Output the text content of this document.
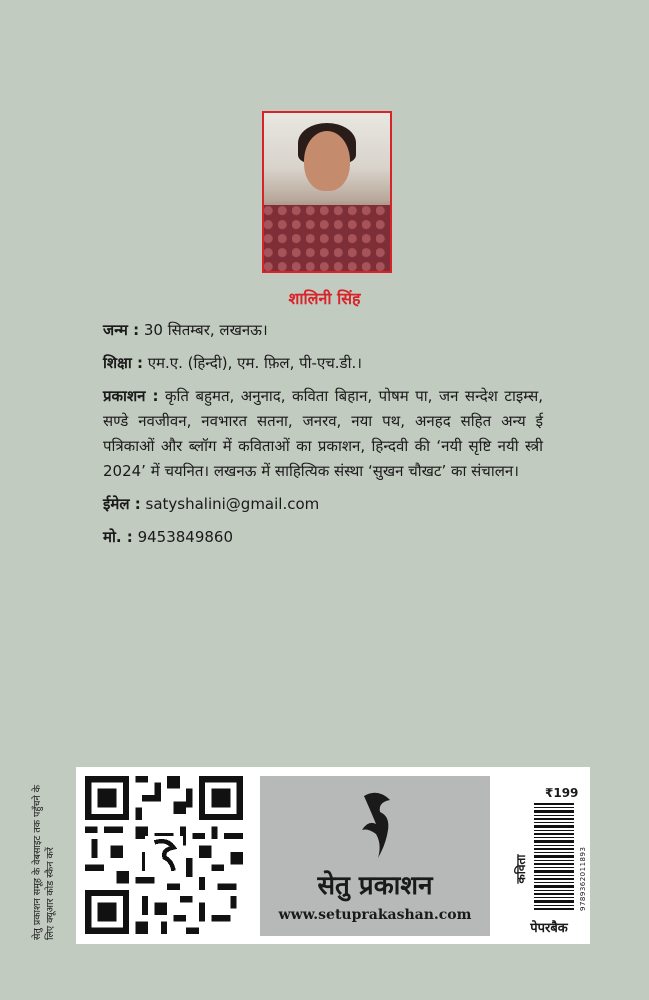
शालिनी सिंह

जन्म : 30 सितम्बर, लखनऊ।

शिक्षा : एम.ए. (हिन्दी), एम. फ़िल, पी-एच.डी.।

प्रकाशन : कृति बहुमत, अनुनाद, कविता बिहान, पोषम पा, जन सन्देश टाइम्स, सण्डे नवजीवन, नवभारत सतना, जनरव, नया पथ, अनहद सहित अन्य ई पत्रिकाओं और ब्लॉग में कविताओं का प्रकाशन, हिन्दवी की ‘नयी सृष्टि नयी स्त्री 2024’ में चयनित। लखनऊ में साहित्यिक संस्था ‘सुखन चौखट’ का संचालन।

ईमेल : satyshalini@gmail.com

मो. : 9453849860

सेतु प्रकाशन समूह के वेबसाइट तक पहुँचने के लिए क्यूआर कोड स्कैन करें	सेतु प्रकाशन
www.setuprakashan.com
₹199
कविता	9789362011893
पेपरबैक
